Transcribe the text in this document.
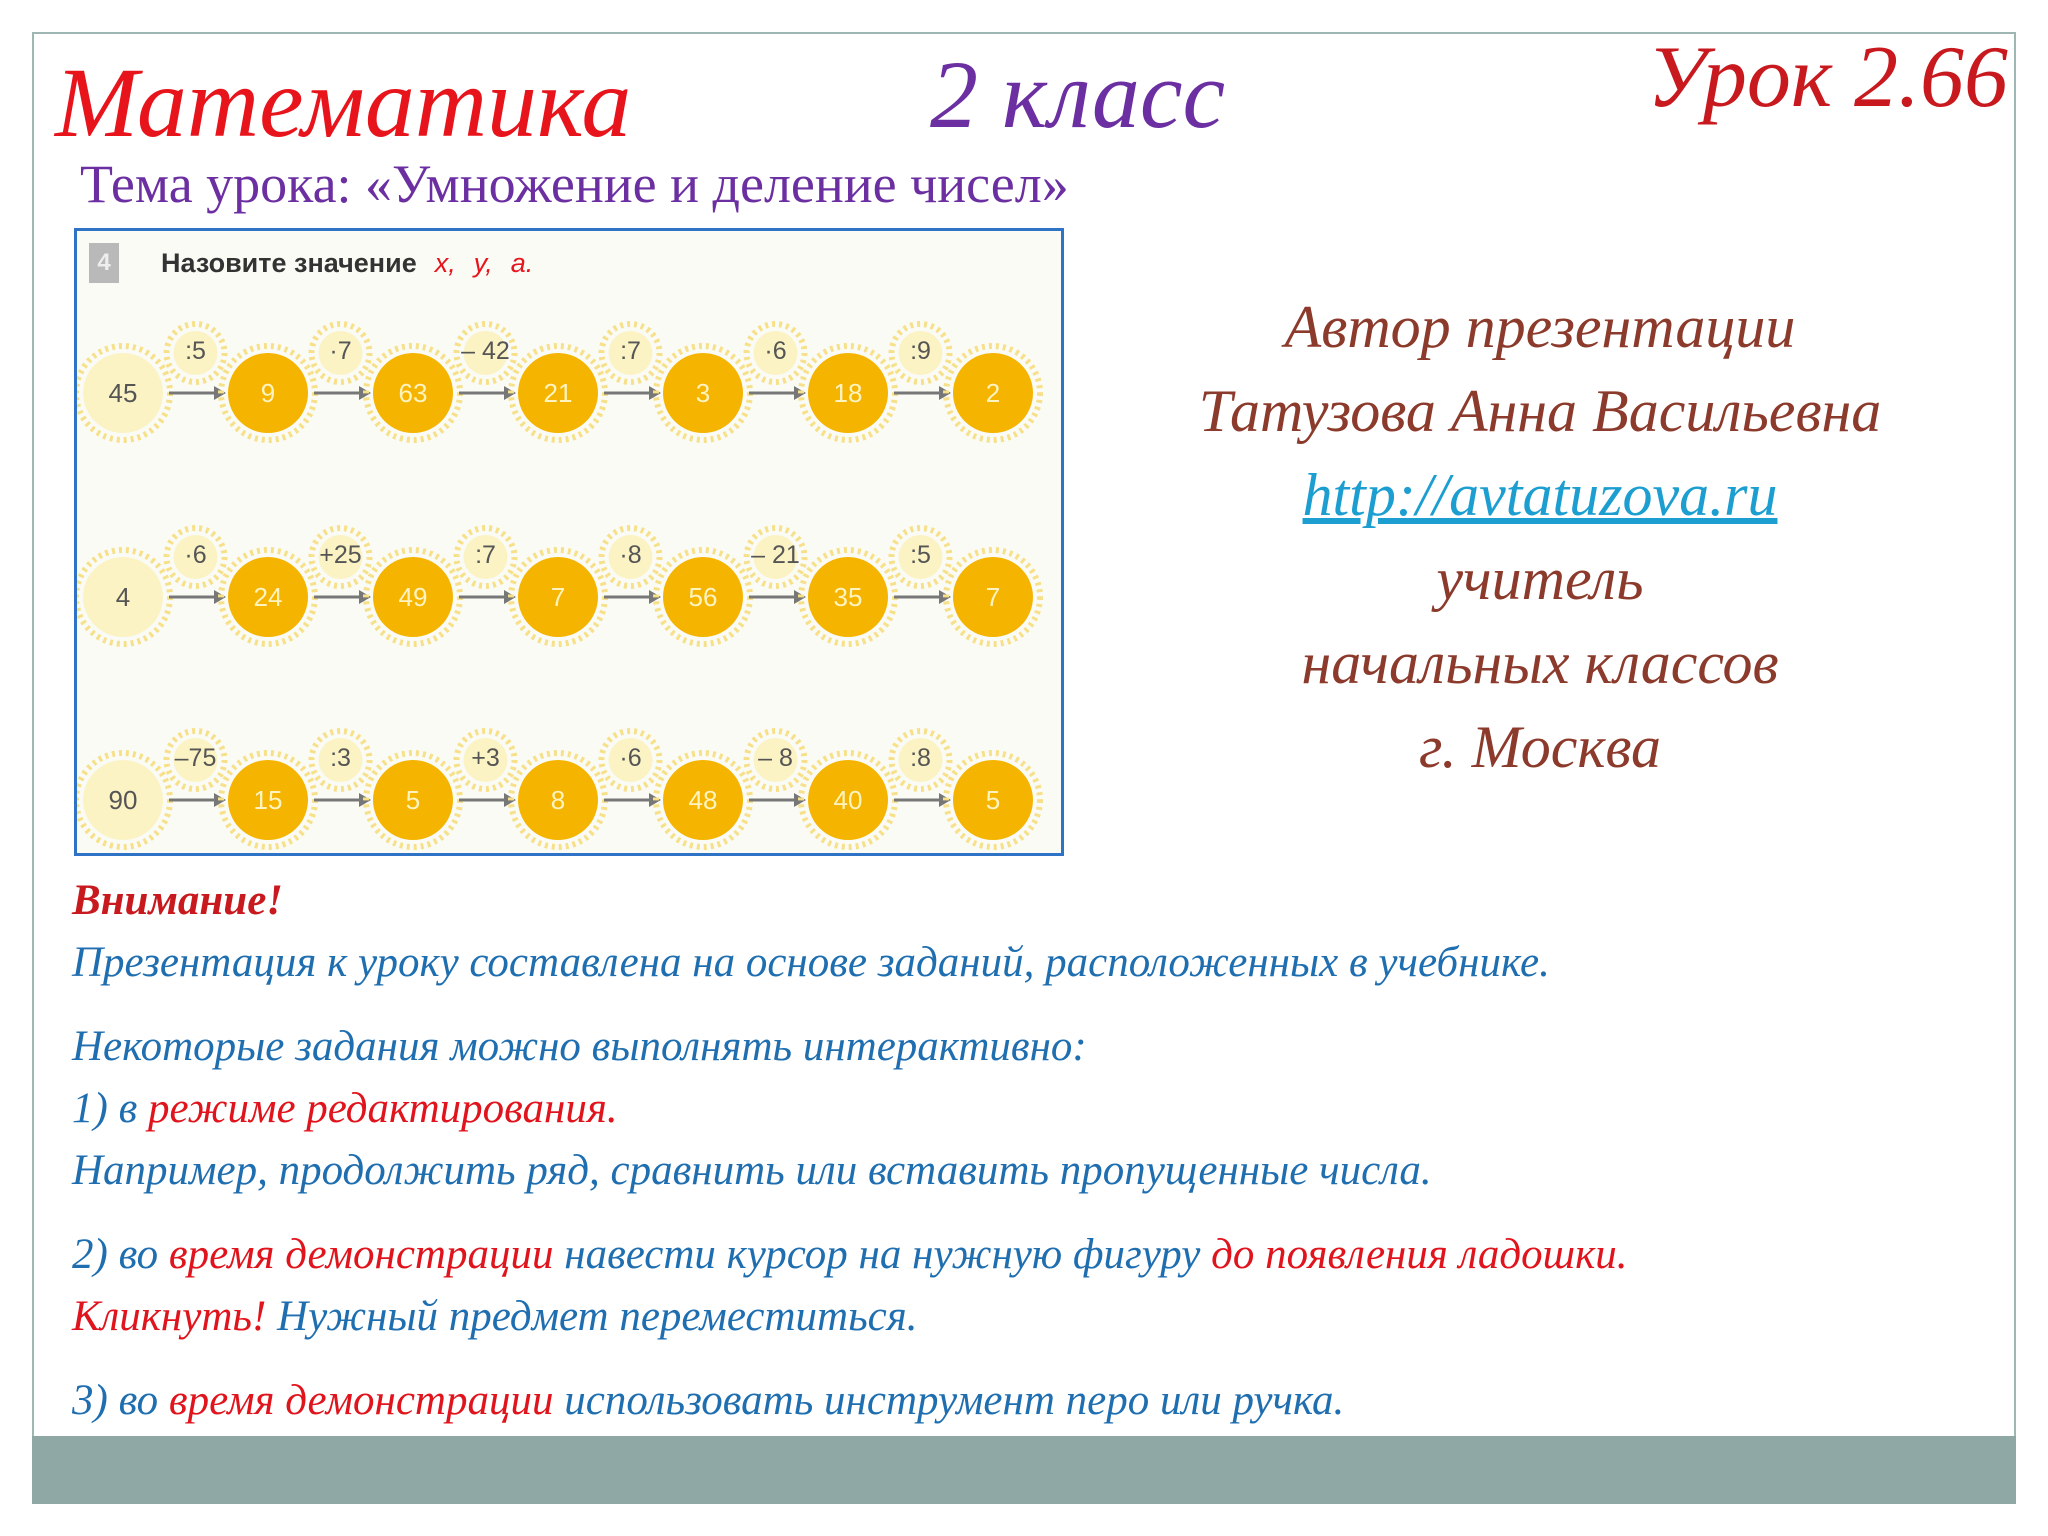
Математика	2 класс	Урок 2.66
Тема урока: «Умножение и деление чисел»
45
:5
9
·7
63
– 42
21
:7
3
·6
18
:9
2
4
·6
24
+25
49
:7
7
·8
56
– 21
35
:5
7
90
–75
15
:3
5
+3
8
·6
48
– 8
40
:8
5
4	Назовите значение x, y, a.
Автор презентации
Татузова Анна Васильевна
http://avtatuzova.ru
учитель
начальных классов
г. Москва

Внимание!

Презентация к уроку составлена на основе заданий, расположенных в учебнике.

Некоторые задания можно выполнять интерактивно:

1) в режиме редактирования.

Например, продолжить ряд, сравнить или вставить пропущенные числа.

2) во время демонстрации навести курсор на нужную фигуру до появления ладошки.

Кликнуть! Нужный предмет переместиться.

3) во время демонстрации использовать инструмент перо или ручка.
